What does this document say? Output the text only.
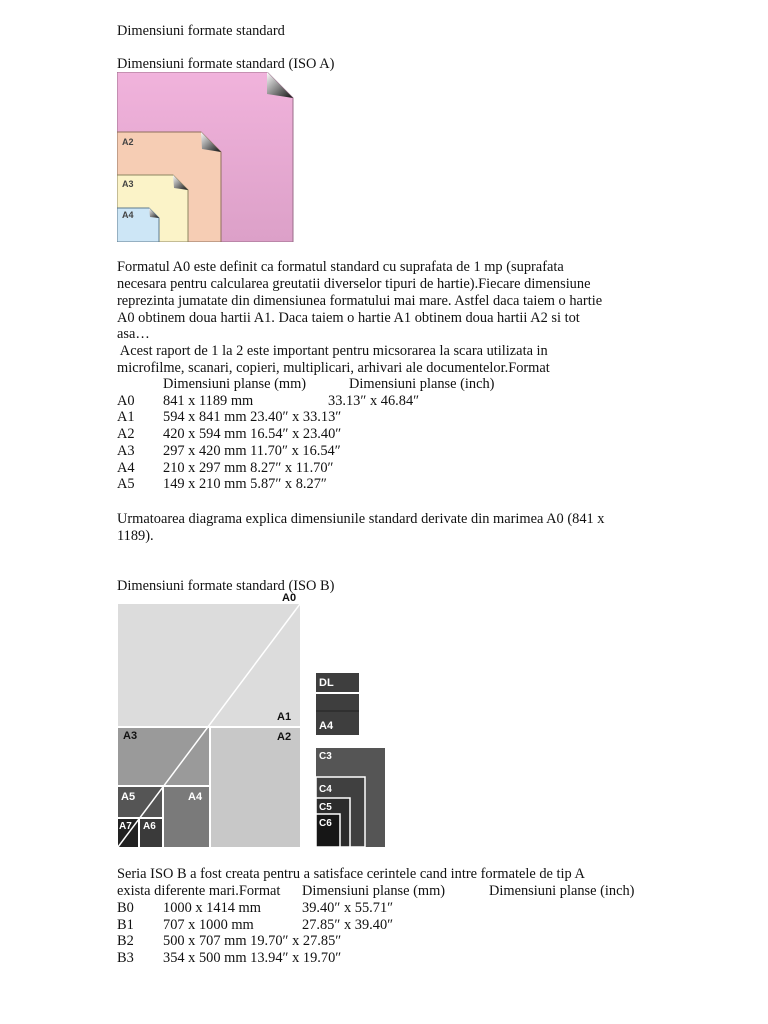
Dimensiuni formate standard
Dimensiuni formate standard (ISO A)
A2
A3
A4
Formatul A0 este definit ca formatul standard cu suprafata de 1 mp (suprafata
necesara pentru calcularea greutatii diverselor tipuri de hartie).Fiecare dimensiune
reprezinta jumatate din dimensiunea formatului mai mare. Astfel daca taiem o hartie
A0 obtinem doua hartii A1. Daca taiem o hartie A1 obtinem doua hartii A2 si tot
asa…
Acest raport de 1 la 2 este important pentru micsorarea la scara utilizata in
microfilme, scanari, copieri, multiplicari, arhivari ale documentelor.Format
Dimensiuni planse (mm)	Dimensiuni planse (inch)
A0 841 x 1189 mm	33.13″ x 46.84″
A1 594 x 841 mm 23.40″ x 33.13″
A2 420 x 594 mm 16.54″ x 23.40″
A3 297 x 420 mm 11.70″ x 16.54″
A4 210 x 297 mm 8.27″ x 11.70″
A5 149 x 210 mm 5.87″ x 8.27″
Urmatoarea diagrama explica dimensiunile standard derivate din marimea A0 (841 x
1189).
Dimensiuni formate standard (ISO B)
A0
A1
A2
A3
A4
A5
A6
A7
DL
A4
C3
C4
C5
C6
Seria ISO B a fost creata pentru a satisface cerintele cand intre formatele de tip A
exista diferente mari.Format Dimensiuni planse (mm)	Dimensiuni planse (inch)
B0 1000 x 1414 mm	39.40″ x 55.71″
B1 707 x 1000 mm	27.85″ x 39.40″
B2 500 x 707 mm 19.70″ x 27.85″
B3 354 x 500 mm 13.94″ x 19.70″
